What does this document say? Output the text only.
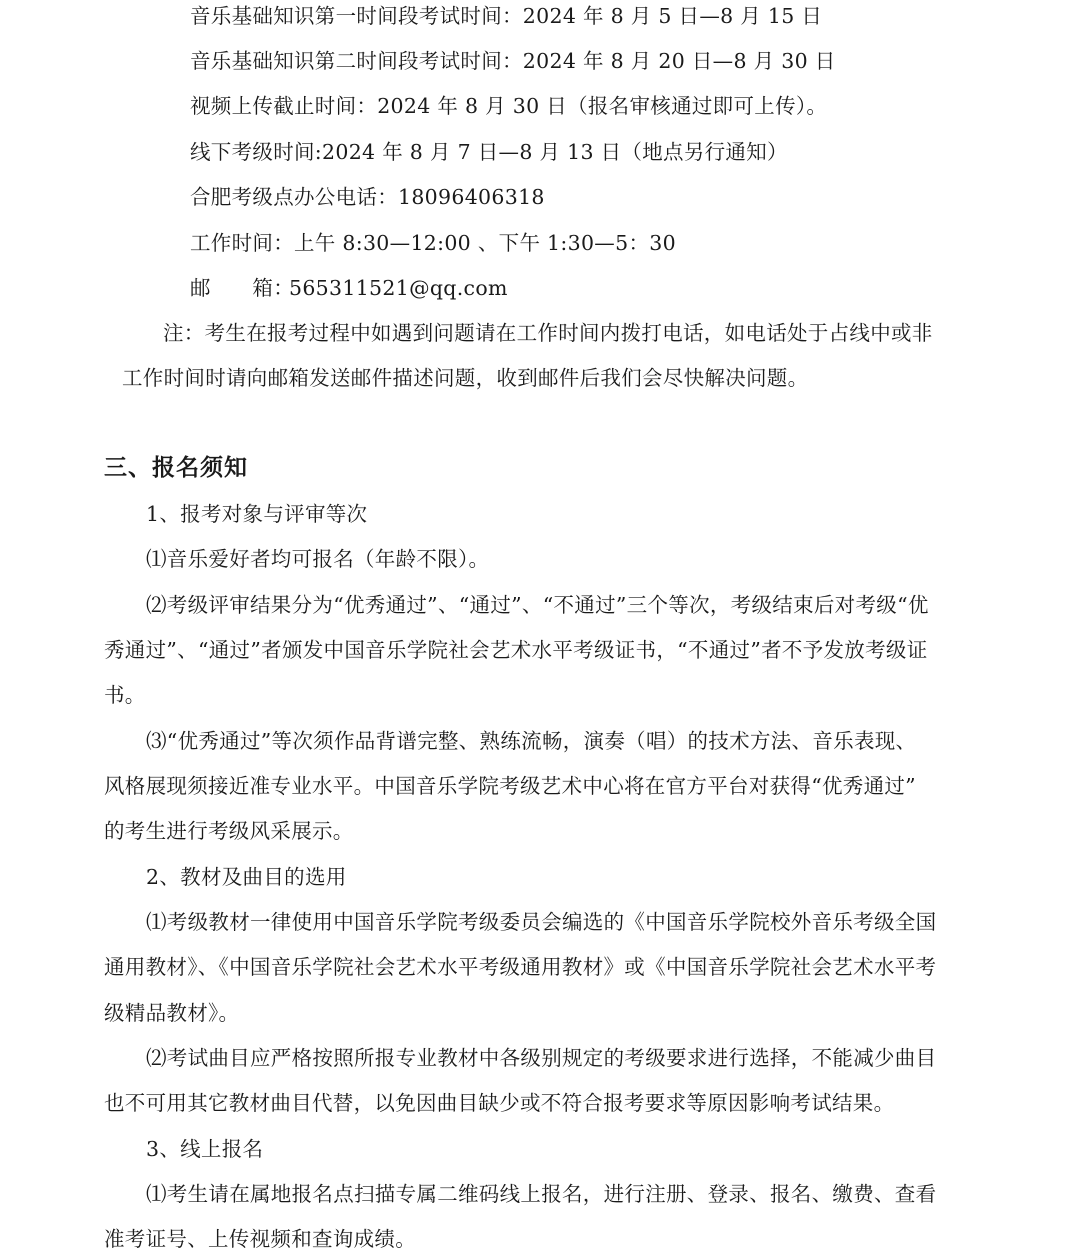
音乐基础知识第一时间段考试时间：2024 年 8 月 5 日—8 月 15 日
音乐基础知识第二时间段考试时间：2024 年 8 月 20 日—8 月 30 日
视频上传截止时间：2024 年 8 月 30 日（报名审核通过即可上传）。
线下考级时间:2024 年 8 月 7 日—8 月 13 日（地点另行通知）
合肥考级点办公电话：18096406318
工作时间：上午 8:30—12:00 、下午 1:30—5：30
邮　　箱：565311521@qq.com
注：考生在报考过程中如遇到问题请在工作时间内拨打电话，如电话处于占线中或非
工作时间时请向邮箱发送邮件描述问题，收到邮件后我们会尽快解决问题。
三、报名须知
1、报考对象与评审等次
⑴音乐爱好者均可报名（年龄不限）。
⑵考级评审结果分为“优秀通过”、“通过”、“不通过”三个等次，考级结束后对考级“优
秀通过”、“通过”者颁发中国音乐学院社会艺术水平考级证书，“不通过”者不予发放考级证
书。
⑶“优秀通过”等次须作品背谱完整、熟练流畅，演奏（唱）的技术方法、音乐表现、
风格展现须接近准专业水平。中国音乐学院考级艺术中心将在官方平台对获得“优秀通过”
的考生进行考级风采展示。
2、教材及曲目的选用
⑴考级教材一律使用中国音乐学院考级委员会编选的《中国音乐学院校外音乐考级全国
通用教材》、《中国音乐学院社会艺术水平考级通用教材》或《中国音乐学院社会艺术水平考
级精品教材》。
⑵考试曲目应严格按照所报专业教材中各级别规定的考级要求进行选择，不能减少曲目
也不可用其它教材曲目代替，以免因曲目缺少或不符合报考要求等原因影响考试结果。
3、线上报名
⑴考生请在属地报名点扫描专属二维码线上报名，进行注册、登录、报名、缴费、查看
准考证号、上传视频和查询成绩。
